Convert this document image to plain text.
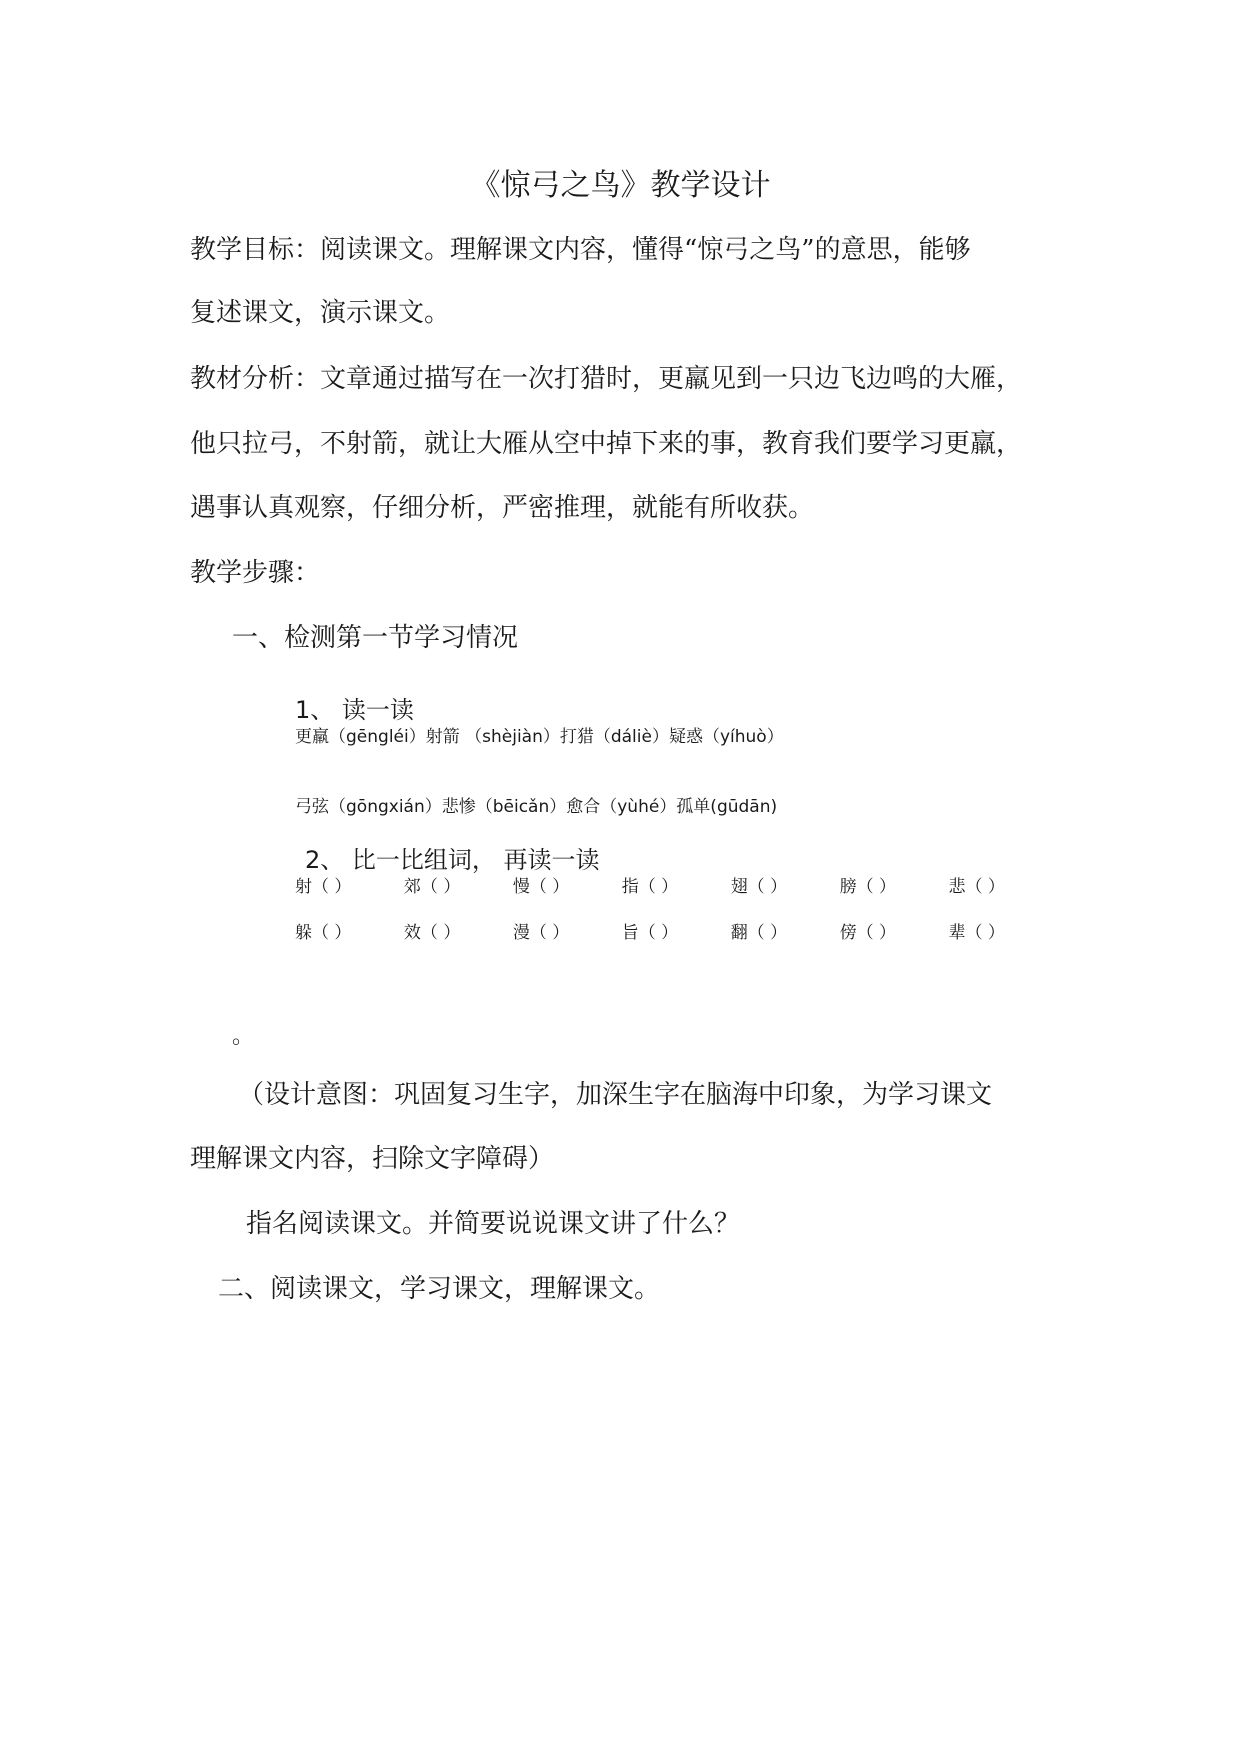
《惊弓之鸟》教学设计
教学目标：阅读课文。理解课文内容，懂得“惊弓之鸟”的意思，能够
复述课文，演示课文。
教材分析：文章通过描写在一次打猎时，更羸见到一只边飞边鸣的大雁，
他只拉弓，不射箭，就让大雁从空中掉下来的事，教育我们要学习更羸，
遇事认真观察，仔细分析，严密推理，就能有所收获。
教学步骤：
一、检测第一节学习情况
1、 读一读
更羸（gēngléi）射箭 （shèjiàn）打猎（dáliè）疑惑（yíhuò）
弓弦（gōngxián）悲惨（bēicǎn）愈合（yùhé）孤单(gūdān)
2、 比一比组词， 再读一读
射（ ）	郊（ ）	慢（ ）	指（ ）	翅（ ）	膀（ ）	悲（ ）
躲（ ）	效（ ）	漫（ ）	旨（ ）	翻（ ）	傍（ ）	辈（ ）
。
（设计意图：巩固复习生字，加深生字在脑海中印象，为学习课文
理解课文内容，扫除文字障碍）
指名阅读课文。并简要说说课文讲了什么？
二、阅读课文，学习课文，理解课文。
